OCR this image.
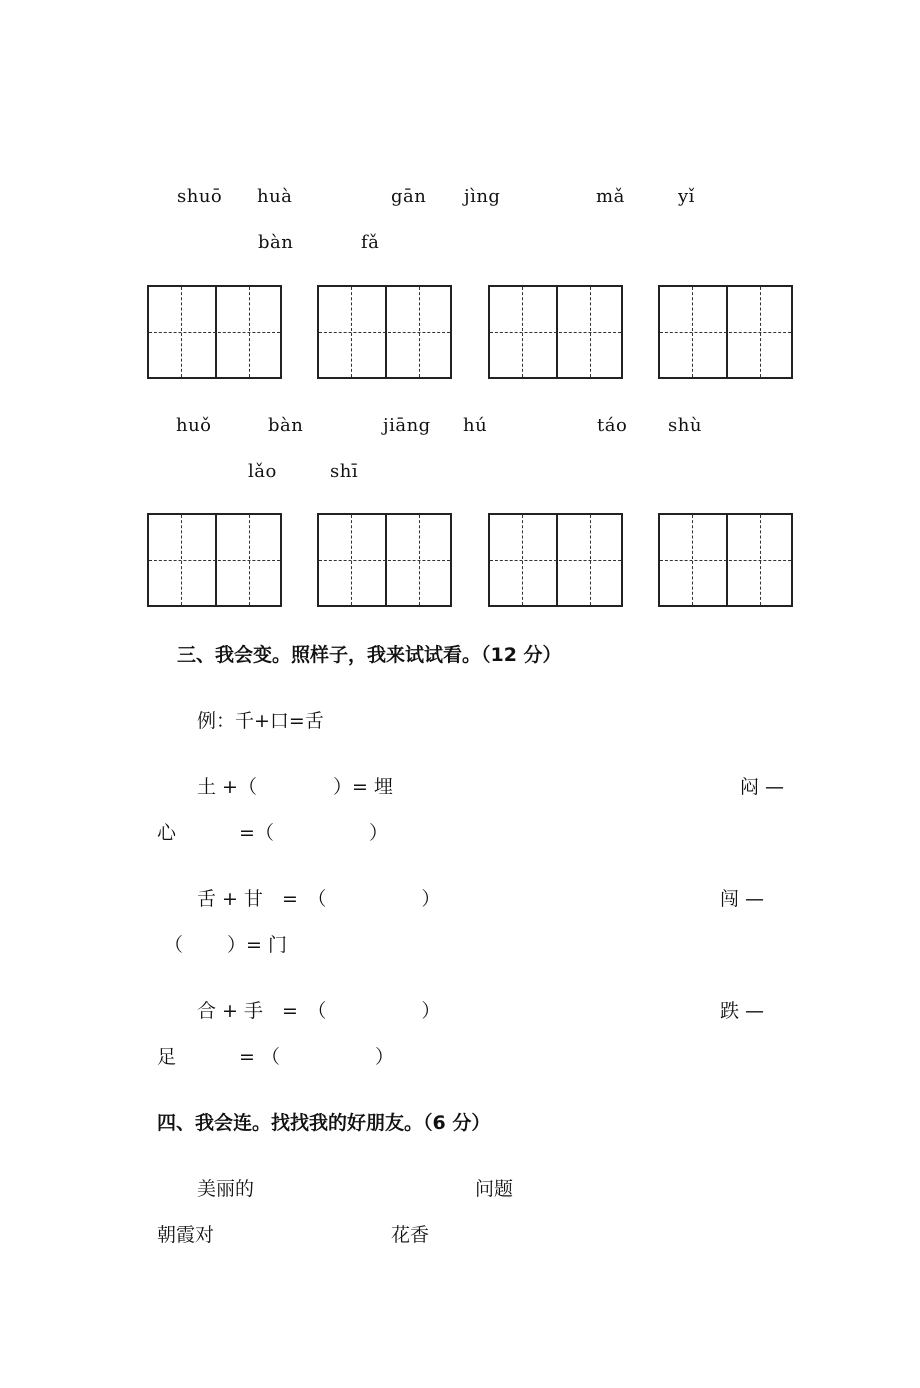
shuō huà	gān jìng	mǎ	yǐ
bàn	fǎ
huǒ	bàn	jiāng hú	táo shù
lǎo	shī
三、我会变。照样子，我来试试看。（12 分）
例：千+口=舌
土 +（　　　　）= 埋	闷 —
心　　　 =（　　　　　）
舌 + 甘　=　（　　　　　）	闯 —
（　　 ）= 门
合 + 手　=　（　　　　　）	跌 —
足　　　 = （　　　　　）
四、我会连。找找我的好朋友。（6 分）
美丽的	问题
朝霞对	花香
